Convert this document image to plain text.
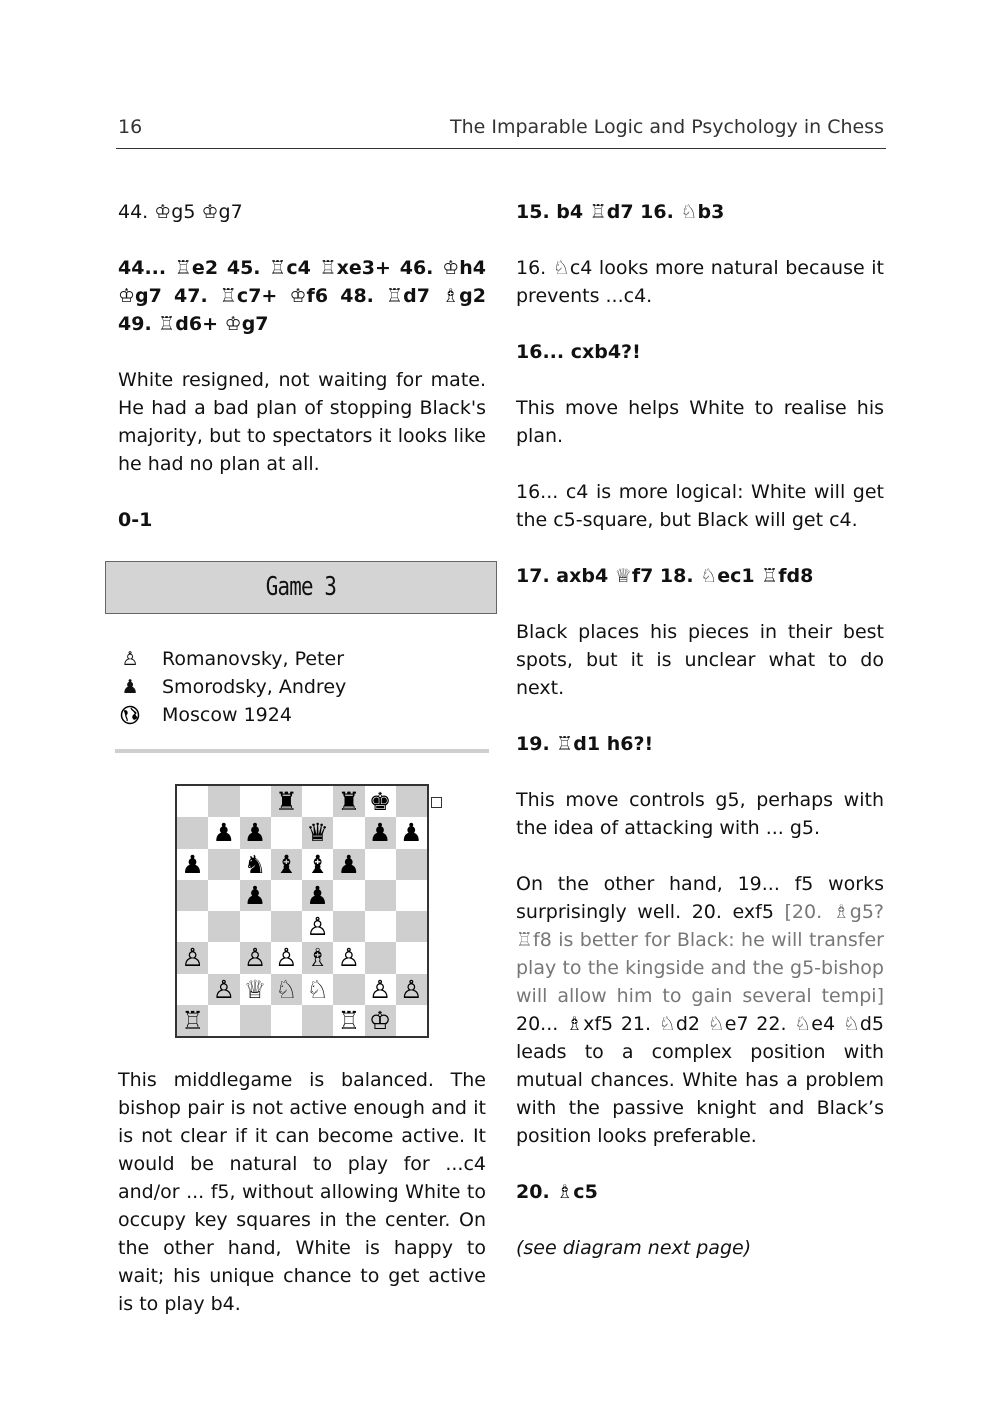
16	The Imparable Logic and Psychology in Chess

44. ♔g5 ♔g7

44... ♖e2 45. ♖c4 ♖xe3+ 46. ♔h4 ♔g7 47. ♖c7+ ♔f6 48. ♖d7 ♗g2 49. ♖d6+ ♔g7

White resigned, not waiting for mate. He had a bad plan of stopping Black's majority, but to spectators it looks like he had no plan at all.

0-1

Game 3
♙ Romanovsky, Peter
♟ Smorodsky, Andrey
Moscow 1924
♜ ♜ ♚
♟ ♟ ♛ ♟ ♟
♟ ♞ ♝ ♝ ♟
♟ ♟
♙
♙ ♙ ♙ ♗ ♙
♙ ♕ ♘ ♘ ♙ ♙
♖	♖ ♔
This middlegame is balanced. The bishop pair is not active enough and it is not clear if it can become active. It would be natural to play for ...c4 and/or ... f5, without allowing White to occupy key squares in the center. On the other hand, White is happy to wait; his unique chance to get active is to play b4.

15. b4 ♖d7 16. ♘b3

16. ♘c4 looks more natural because it prevents ...c4.

16... cxb4?!

This move helps White to realise his plan.

16... c4 is more logical: White will get the c5-square, but Black will get c4.

17. axb4 ♕f7 18. ♘ec1 ♖fd8

Black places his pieces in their best spots, but it is unclear what to do next.

19. ♖d1 h6?!

This move controls g5, perhaps with the idea of attacking with ... g5.

On the other hand, 19... f5 works surprisingly well. 20. exf5 [20. ♗g5? ♖f8 is better for Black: he will transfer play to the kingside and the g5-bishop will allow him to gain several tempi] 20... ♗xf5 21. ♘d2 ♘e7 22. ♘e4 ♘d5 leads to a complex position with mutual chances. White has a problem with the passive knight and Black’s position looks preferable.

20. ♗c5

(see diagram next page)
